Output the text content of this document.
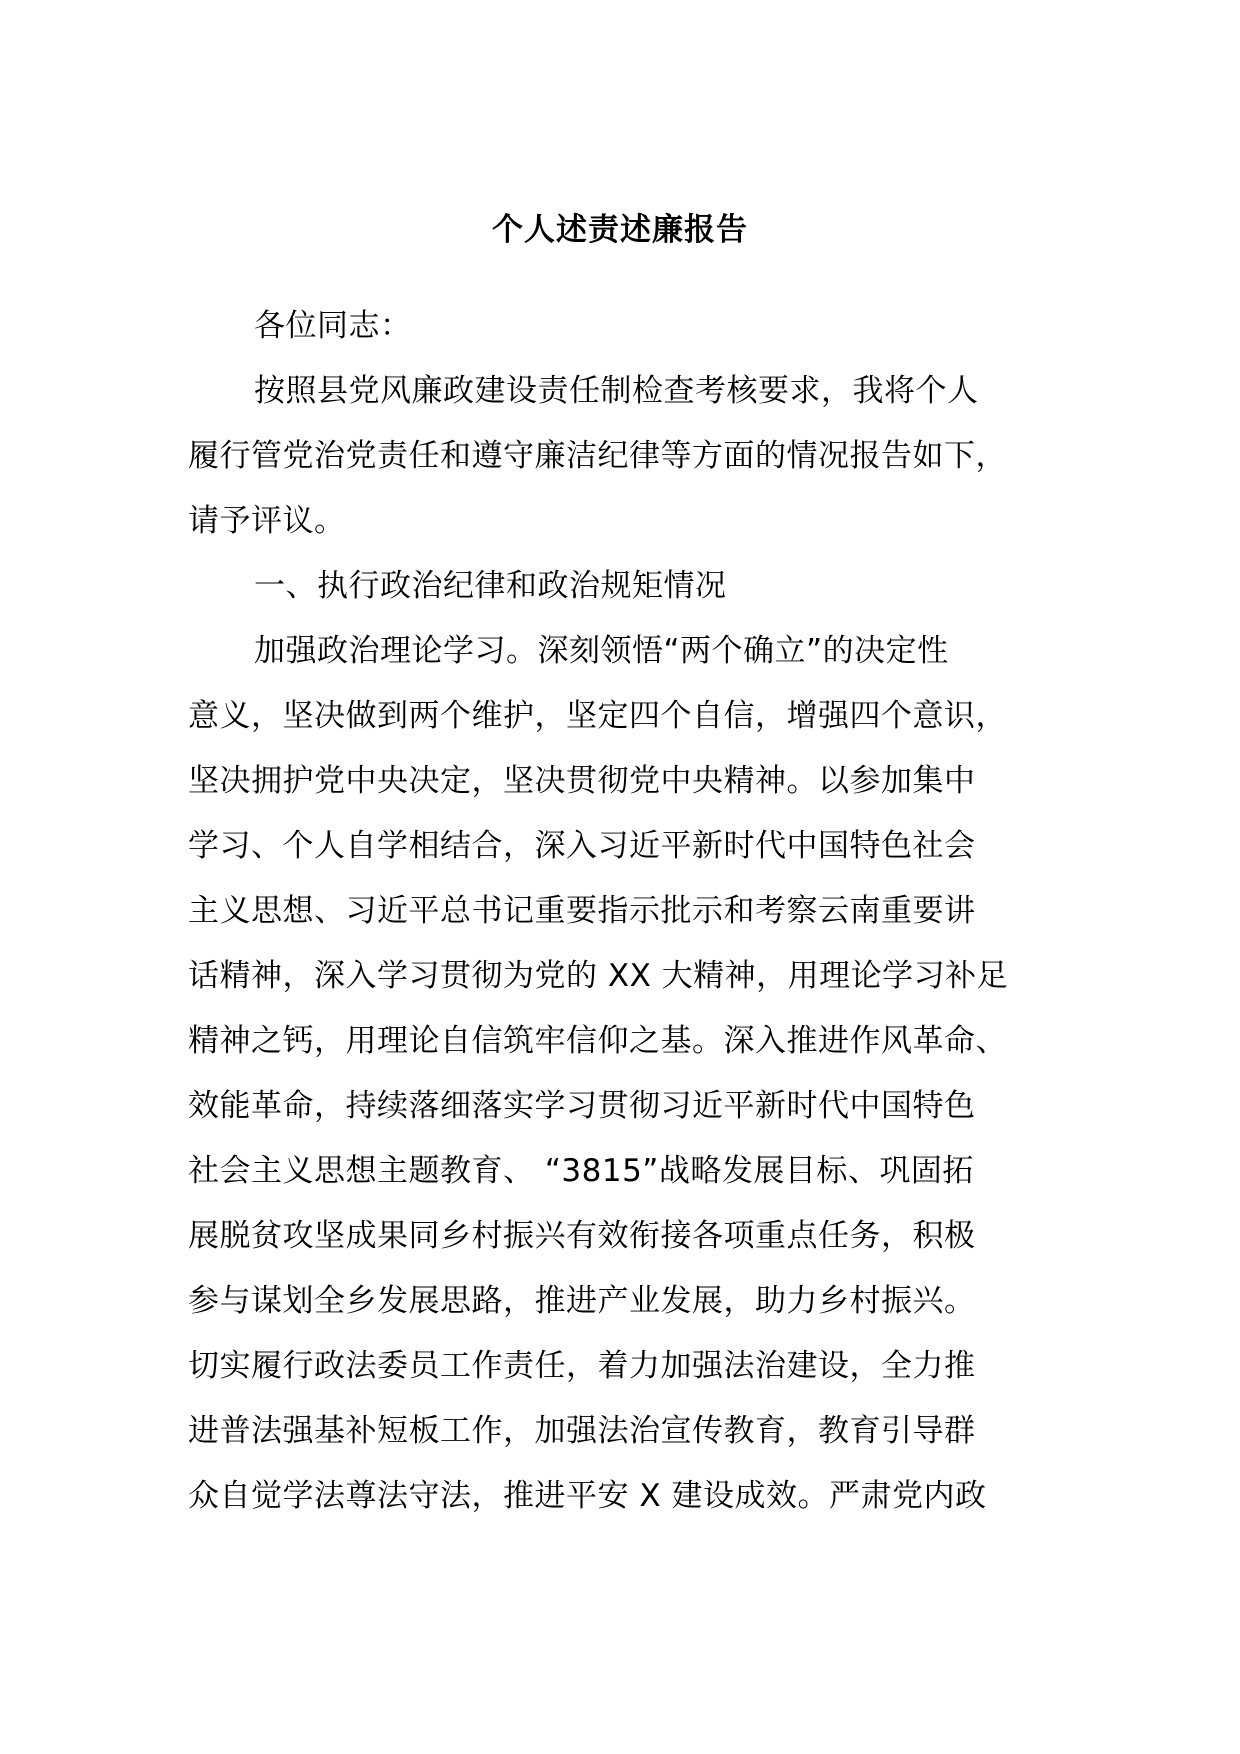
个人述责述廉报告
各位同志：
按照县党风廉政建设责任制检查考核要求，我将个人
履行管党治党责任和遵守廉洁纪律等方面的情况报告如下，
请予评议。
一、执行政治纪律和政治规矩情况
加强政治理论学习。深刻领悟“两个确立”的决定性
意义，坚决做到两个维护，坚定四个自信，增强四个意识，
坚决拥护党中央决定，坚决贯彻党中央精神。以参加集中
学习、个人自学相结合，深入习近平新时代中国特色社会
主义思想、习近平总书记重要指示批示和考察云南重要讲
话精神，深入学习贯彻为党的 XX 大精神，用理论学习补足
精神之钙，用理论自信筑牢信仰之基。深入推进作风革命、
效能革命，持续落细落实学习贯彻习近平新时代中国特色
社会主义思想主题教育、 “3815”战略发展目标、巩固拓
展脱贫攻坚成果同乡村振兴有效衔接各项重点任务，积极
参与谋划全乡发展思路，推进产业发展，助力乡村振兴。
切实履行政法委员工作责任，着力加强法治建设，全力推
进普法强基补短板工作，加强法治宣传教育，教育引导群
众自觉学法尊法守法，推进平安 X 建设成效。严肃党内政
